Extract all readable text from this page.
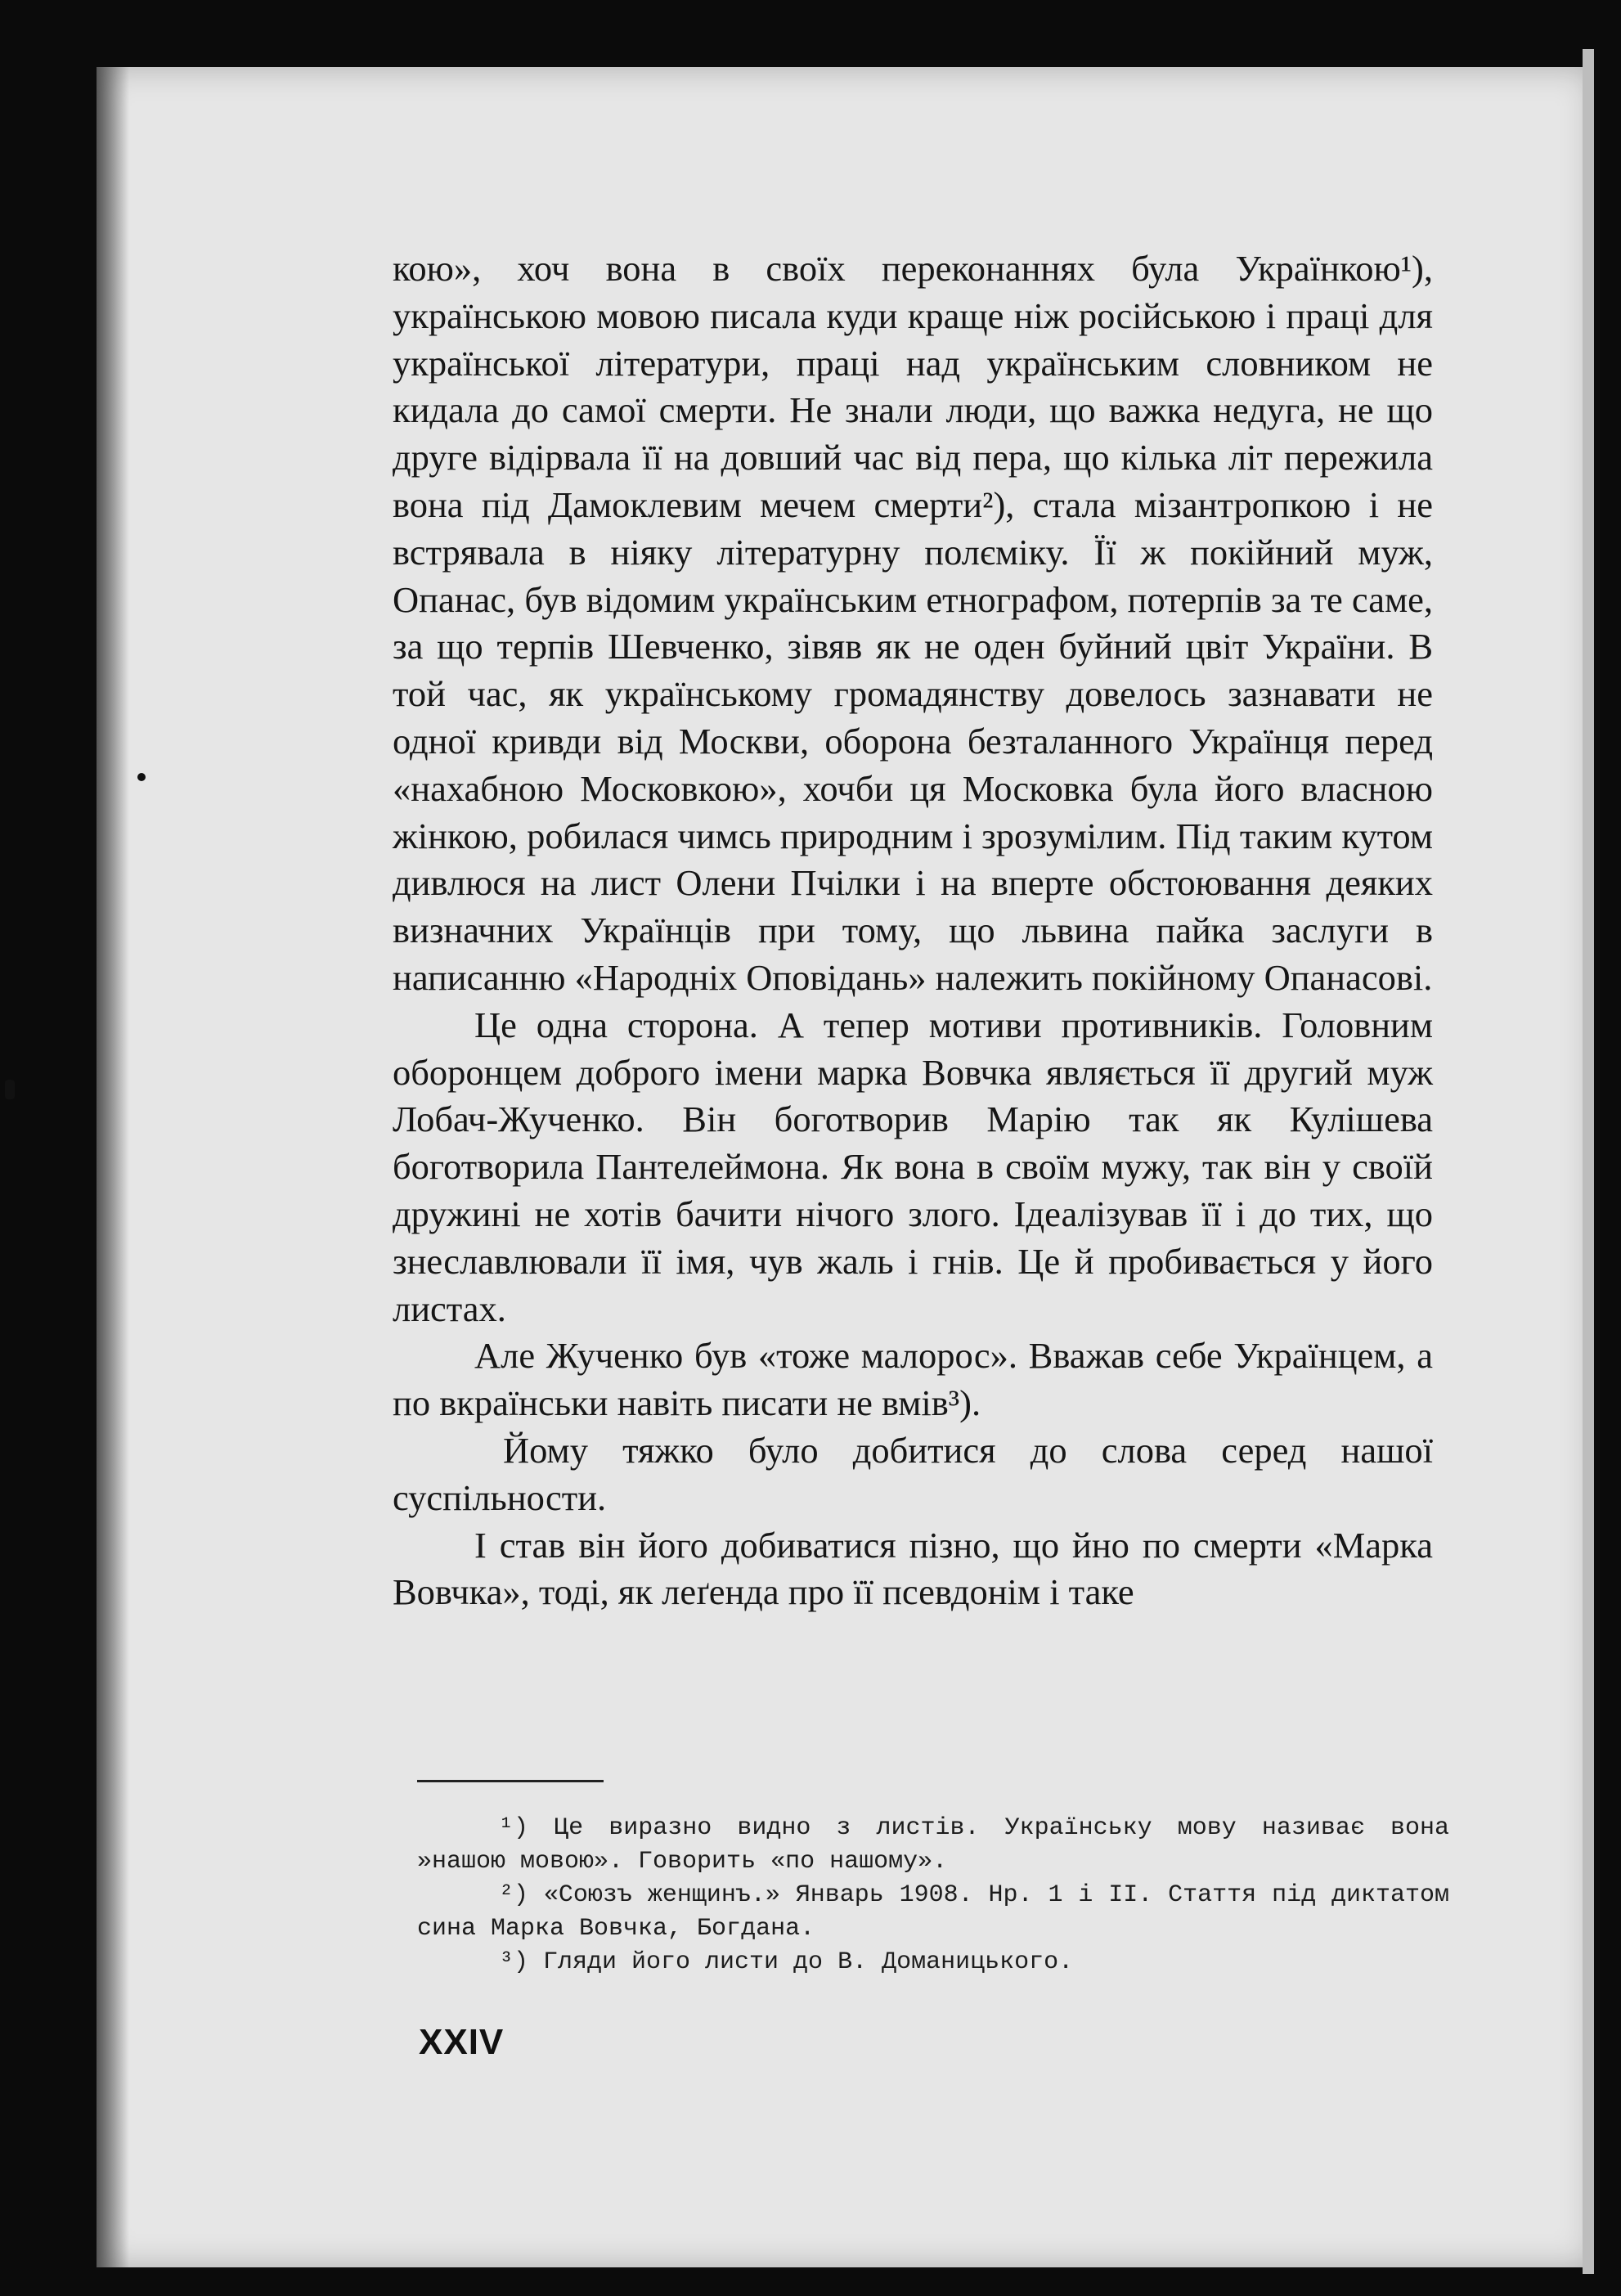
кою», хоч вона в своїх переконаннях була Українкою¹), українською мовою писала куди краще ніж російською і праці для української літератури, праці над українським словником не кидала до самої смерти. Не знали люди, що важка недуга, не що друге відірвала її на довший час від пера, що кілька літ пережила вона під Дамоклевим мечем смерти²), стала мізантропкою і не встрявала в ніяку літературну полєміку. Її ж покійний муж, Опанас, був відомим українським етнографом, потерпів за те саме, за що терпів Шевченко, зівяв як не оден буйний цвіт України. В той час, як українському громадянству довелось зазнавати не одної кривди від Москви, оборона безталанного Українця перед «нахабною Московкою», хочби ця Московка була його власною жінкою, робилася чимсь природним і зрозумілим. Під таким кутом дивлюся на лист Олени Пчілки і на вперте обстоювання деяких визначних Українців при тому, що львина пайка заслуги в написанню «Народніх Оповідань» належить покійному Опанасові.

Це одна сторона. А тепер мотиви противників. Головним оборонцем доброго імени марка Вовчка являється її другий муж Лобач-Жученко. Він боготворив Марію так як Кулішева боготворила Пантелеймона. Як вона в своїм мужу, так він у своїй дружині не хотів бачити нічого злого. Ідеалізував її і до тих, що знеславлювали її імя, чув жаль і гнів. Це й пробивається у його листах.

Але Жученко був «тоже малорос». Вважав себе Українцем, а по вкраїнськи навіть писати не вмів³).

Йому тяжко було добитися до слова серед нашої суспільности.

І став він його добиватися пізно, що йно по смерти «Марка Вовчка», тоді, як леґенда про її псевдонім і таке

¹) Це виразно видно з листів. Українську мову називає вона »нашою мовою». Говорить «по нашому».

²) «Союзъ женщинъ.» Январь 1908. Нр. 1 і II. Стаття під диктатом сина Марка Вовчка, Богдана.

³) Гляди його листи до В. Доманицького.

XXIV
